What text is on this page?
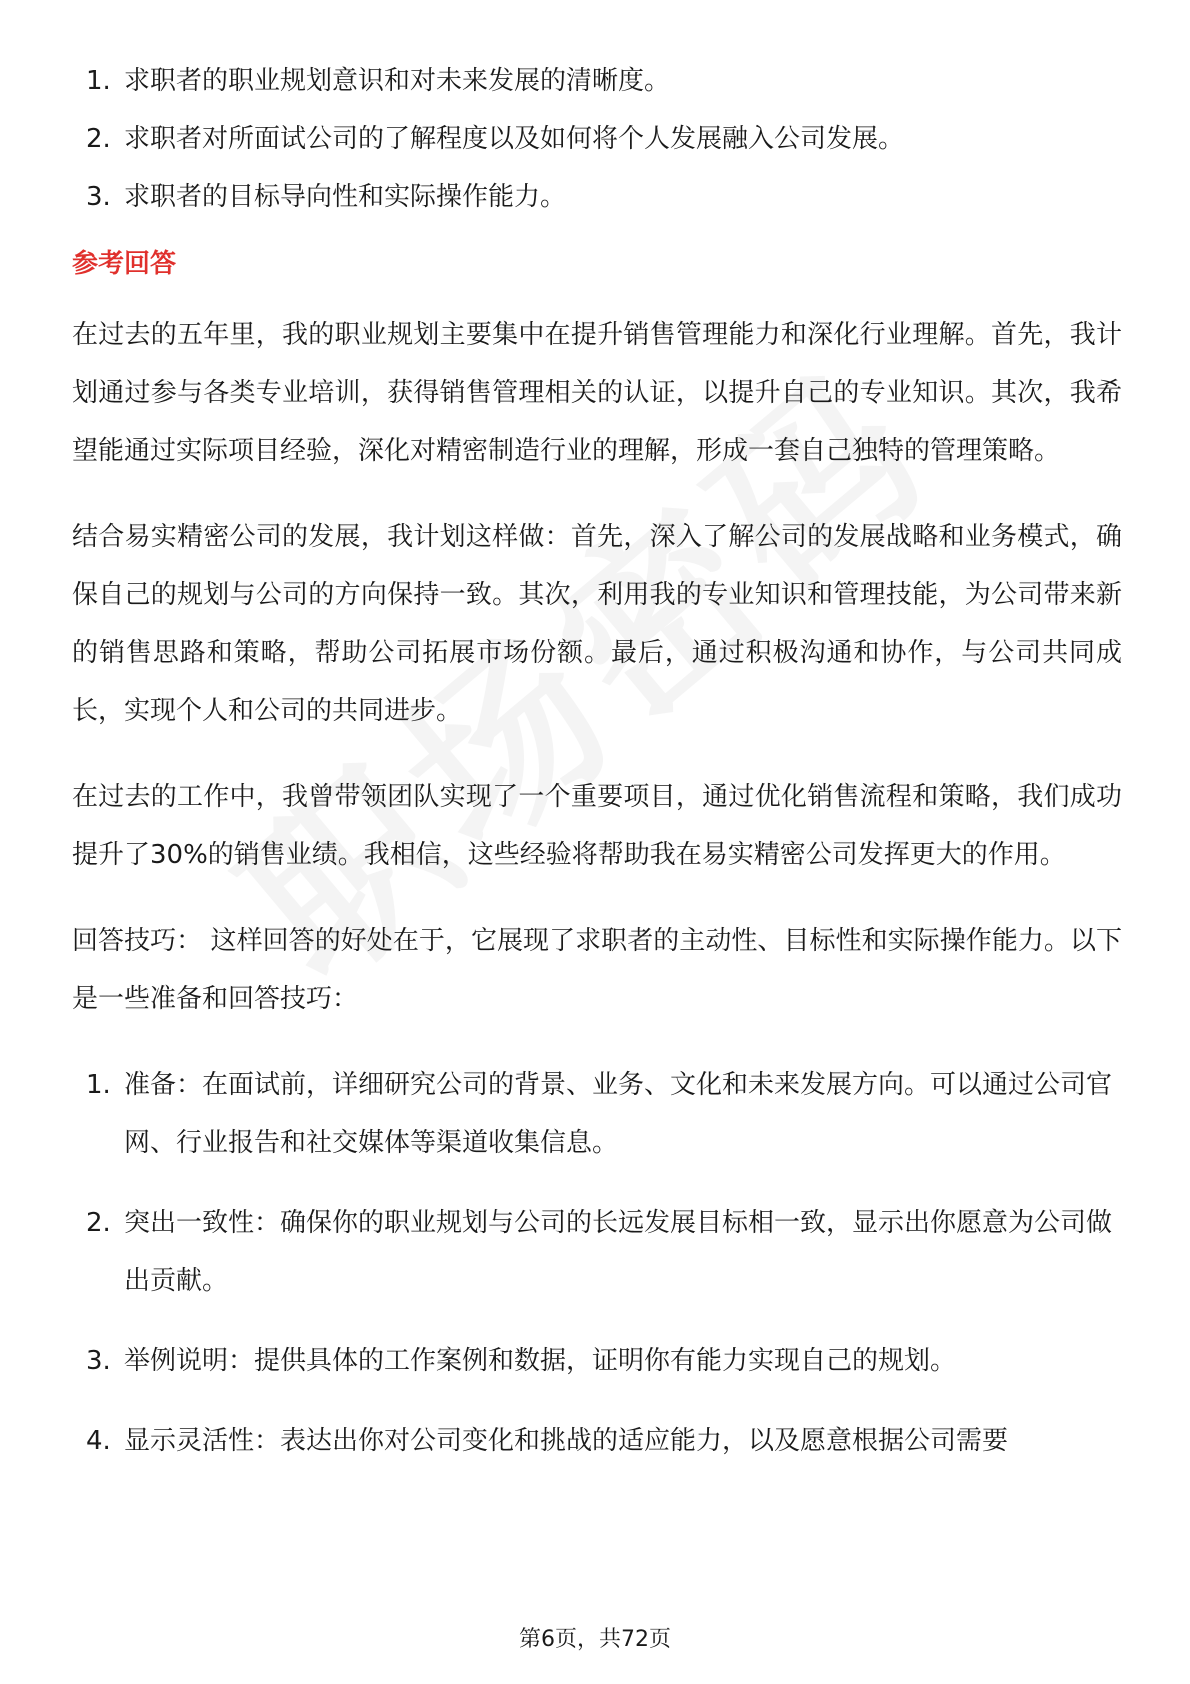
1. 求职者的职业规划意识和对未来发展的清晰度。
2. 求职者对所面试公司的了解程度以及如何将个人发展融入公司发展。
3. 求职者的目标导向性和实际操作能力。
参考回答

在过去的五年里，我的职业规划主要集中在提升销售管理能力和深化行业理解。首先，我计划通过参与各类专业培训，获得销售管理相关的认证，以提升自己的专业知识。其次，我希望能通过实际项目经验，深化对精密制造行业的理解，形成一套自己独特的管理策略。

结合易实精密公司的发展，我计划这样做：首先，深入了解公司的发展战略和业务模式，确保自己的规划与公司的方向保持一致。其次，利用我的专业知识和管理技能，为公司带来新的销售思路和策略，帮助公司拓展市场份额。最后，通过积极沟通和协作，与公司共同成长，实现个人和公司的共同进步。

在过去的工作中，我曾带领团队实现了一个重要项目，通过优化销售流程和策略，我们成功提升了30%的销售业绩。我相信，这些经验将帮助我在易实精密公司发挥更大的作用。

回答技巧： 这样回答的好处在于，它展现了求职者的主动性、目标性和实际操作能力。以下是一些准备和回答技巧：

1. 准备：在面试前，详细研究公司的背景、业务、文化和未来发展方向。可以通过公司官网、行业报告和社交媒体等渠道收集信息。
2. 突出一致性：确保你的职业规划与公司的长远发展目标相一致，显示出你愿意为公司做出贡献。
3. 举例说明：提供具体的工作案例和数据，证明你有能力实现自己的规划。
4. 显示灵活性：表达出你对公司变化和挑战的适应能力，以及愿意根据公司需要
第6页，共72页
